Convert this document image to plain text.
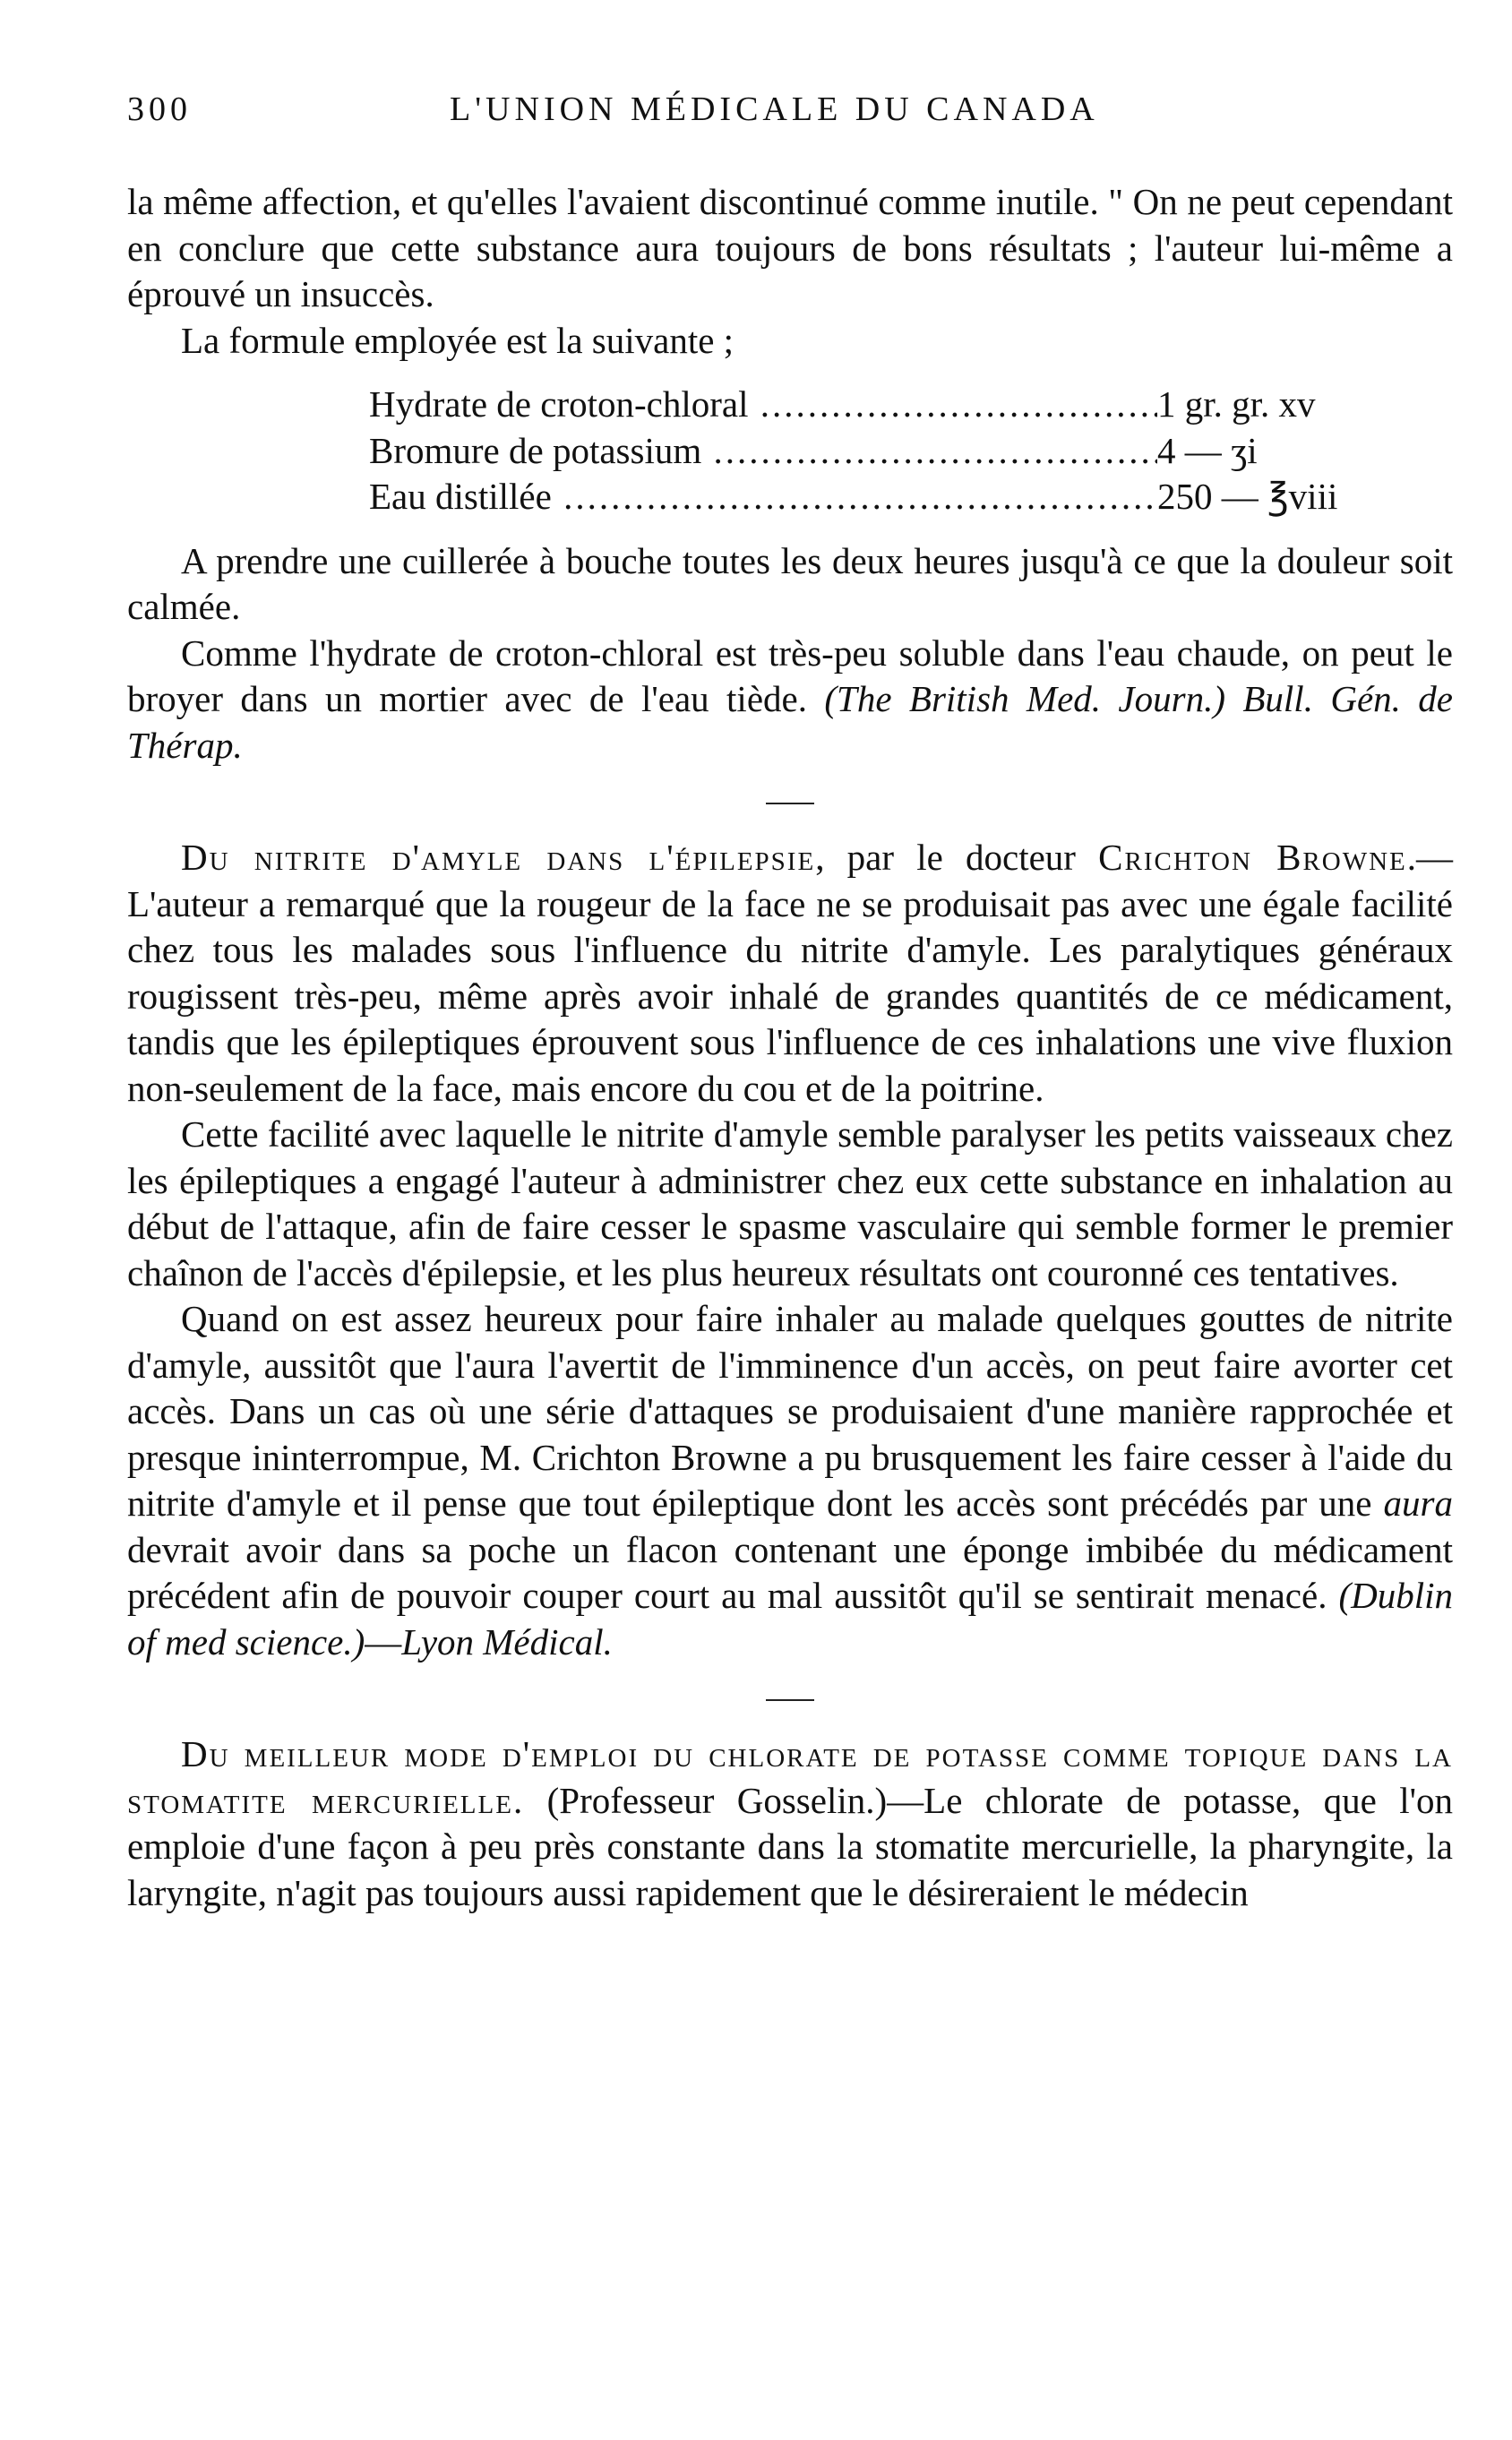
300	L'UNION MÉDICALE DU CANADA

la même affection, et qu'elles l'avaient discontinué comme inutile. " On ne peut cependant en conclure que cette substance aura toujours de bons résultats ; l'auteur lui-même a éprouvé un insuccès.

La formule employée est la suivante ;

Hydrate de croton-chloral .....	1 gr. gr. xv
Bromure de potassium .....	4 — ʒi
Eau distillée .....	250 — ℥viii

A prendre une cuillerée à bouche toutes les deux heures jusqu'à ce que la douleur soit calmée.

Comme l'hydrate de croton-chloral est très-peu soluble dans l'eau chaude, on peut le broyer dans un mortier avec de l'eau tiède. (The British Med. Journ.) Bull. Gén. de Thérap.

Du nitrite d'amyle dans l'épilepsie, par le docteur Crichton Browne.—L'auteur a remarqué que la rougeur de la face ne se produisait pas avec une égale facilité chez tous les malades sous l'influence du nitrite d'amyle. Les paralytiques généraux rougissent très-peu, même après avoir inhalé de grandes quantités de ce médicament, tandis que les épileptiques éprouvent sous l'influence de ces inhalations une vive fluxion non-seulement de la face, mais encore du cou et de la poitrine.

Cette facilité avec laquelle le nitrite d'amyle semble paralyser les petits vaisseaux chez les épileptiques a engagé l'auteur à administrer chez eux cette substance en inhalation au début de l'attaque, afin de faire cesser le spasme vasculaire qui semble former le premier chaînon de l'accès d'épilepsie, et les plus heureux résultats ont couronné ces tentatives.

Quand on est assez heureux pour faire inhaler au malade quelques gouttes de nitrite d'amyle, aussitôt que l'aura l'avertit de l'imminence d'un accès, on peut faire avorter cet accès. Dans un cas où une série d'attaques se produisaient d'une manière rapprochée et presque ininterrompue, M. Crichton Browne a pu brusquement les faire cesser à l'aide du nitrite d'amyle et il pense que tout épileptique dont les accès sont précédés par une aura devrait avoir dans sa poche un flacon contenant une éponge imbibée du médicament précédent afin de pouvoir couper court au mal aussitôt qu'il se sentirait menacé. (Dublin of med science.)—Lyon Médical.

Du meilleur mode d'emploi du chlorate de potasse comme topique dans la stomatite mercurielle. (Professeur Gosselin.)—Le chlorate de potasse, que l'on emploie d'une façon à peu près constante dans la stomatite mercurielle, la pharyngite, la laryngite, n'agit pas toujours aussi rapidement que le désireraient le médecin
